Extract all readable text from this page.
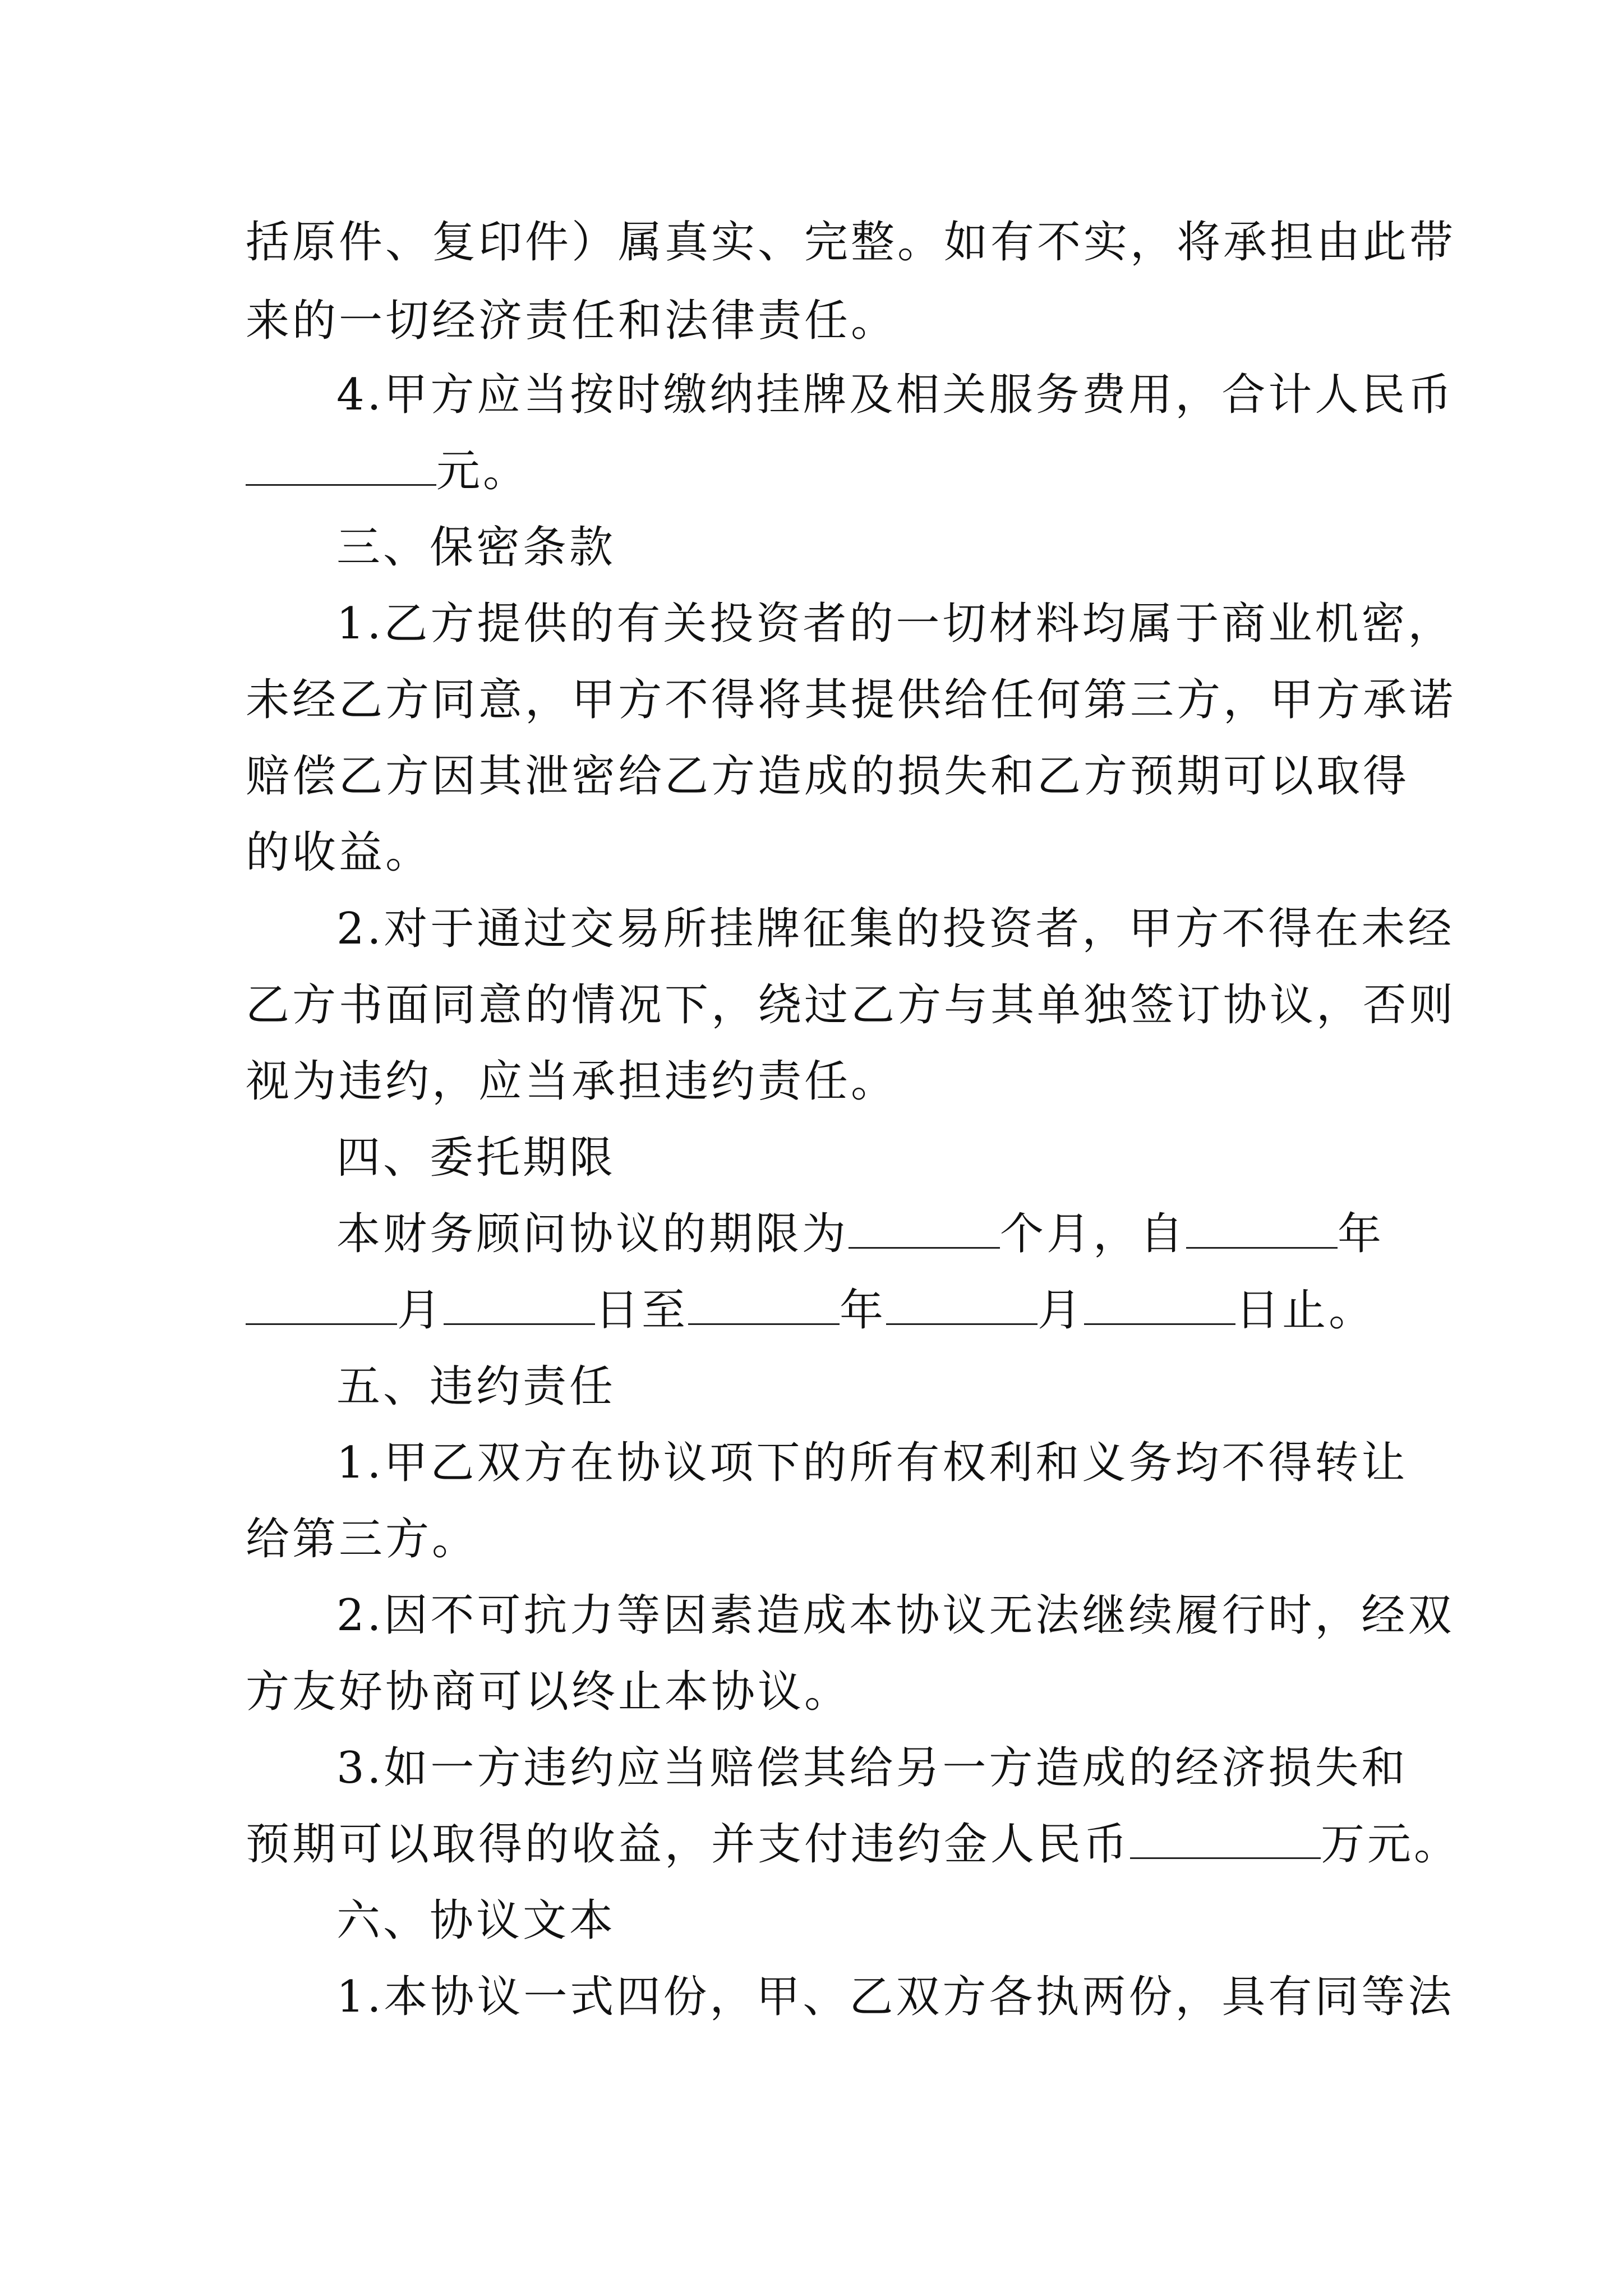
括原件、复印件）属真实、完整。如有不实，将承担由此带
来的一切经济责任和法律责任。
4.甲方应当按时缴纳挂牌及相关服务费用，合计人民币
元。
三、保密条款
1.乙方提供的有关投资者的一切材料均属于商业机密，
未经乙方同意，甲方不得将其提供给任何第三方，甲方承诺
赔偿乙方因其泄密给乙方造成的损失和乙方预期可以取得
的收益。
2.对于通过交易所挂牌征集的投资者，甲方不得在未经
乙方书面同意的情况下，绕过乙方与其单独签订协议，否则
视为违约，应当承担违约责任。
四、委托期限
本财务顾问协议的期限为	个月，自	年
月	日至	年	月	日止。
五、违约责任
1.甲乙双方在协议项下的所有权利和义务均不得转让
给第三方。
2.因不可抗力等因素造成本协议无法继续履行时，经双
方友好协商可以终止本协议。
3.如一方违约应当赔偿其给另一方造成的经济损失和
预期可以取得的收益，并支付违约金人民币	万元。
六、协议文本
1.本协议一式四份，甲、乙双方各执两份，具有同等法
